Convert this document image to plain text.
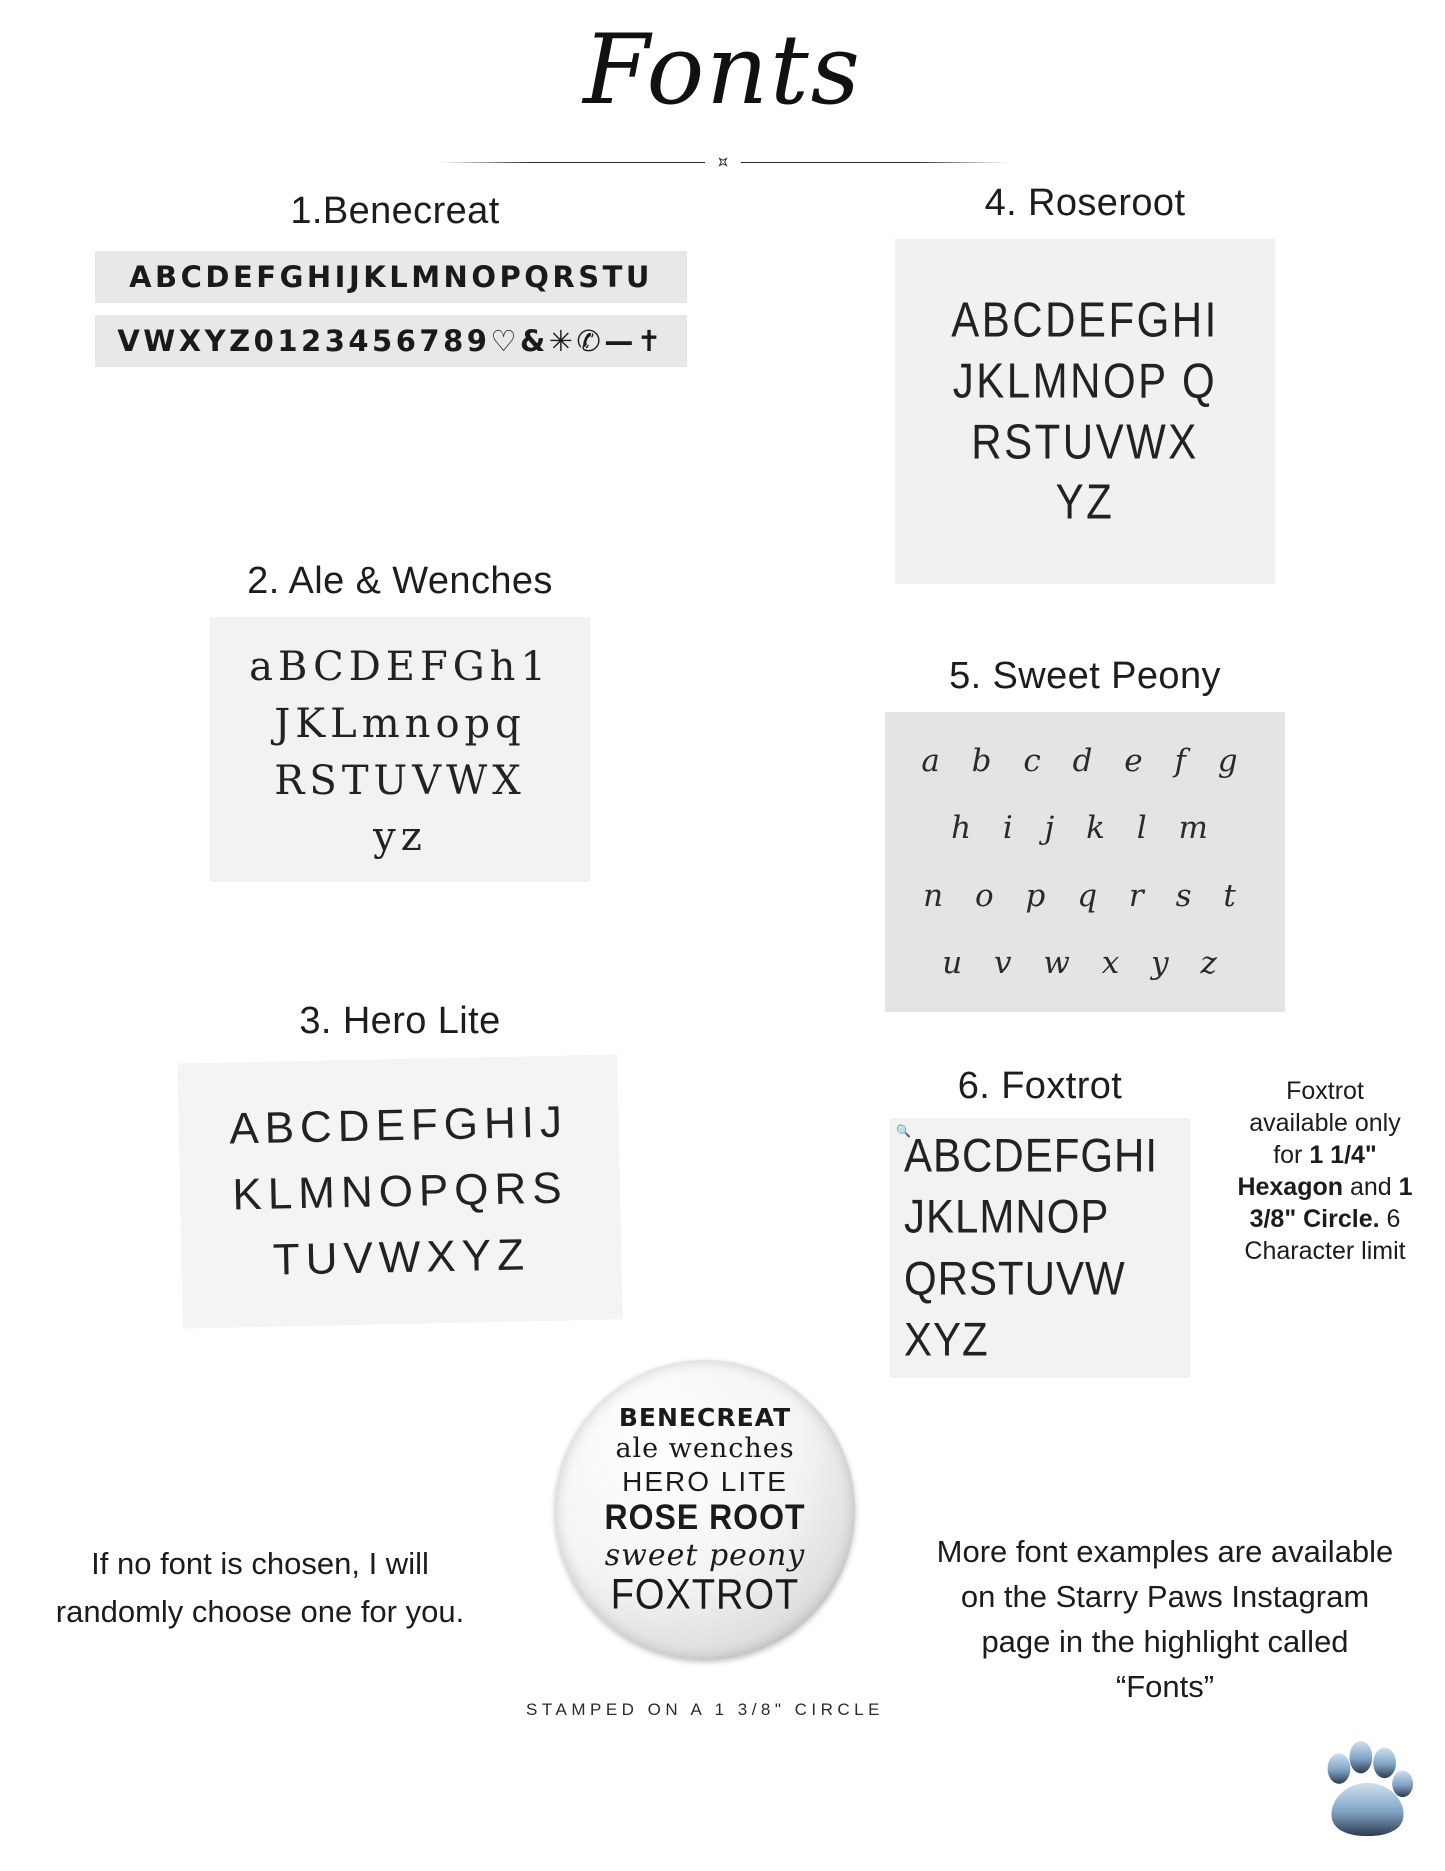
Fonts
1.Benecreat
ABCDEFGHIJKLMNOPQRSTU
VWXYZ0123456789♡&✳✆—✝
2. Ale & Wenches
aBCDEFGh1
JKLmnopq
RSTUVWX
yz
3. Hero Lite
ABCDEFGHIJ
KLMNOPQRS
TUVWXYZ
4. Roseroot
ABCDEFGHI
JKLMNOP Q
RSTUVWX
YZ
5. Sweet Peony
a b c d e f g
h i j k l m
n o p q r s t
u v w x y z
6. Foxtrot
🔍
ABCDEFGHI
JKLMNOP
QRSTUVW
XYZ
Foxtrot available only for 1 1/4" Hexagon and 1 3/8" Circle. 6 Character limit
BENECREAT
ale wenches
HERO LITE
ROSE ROOT
sweet peony
FOXTROT
STAMPED ON A 1 3/8" CIRCLE
If no font is chosen, I will randomly choose one for you.
More font examples are available on the Starry Paws Instagram page in the highlight called “Fonts”
